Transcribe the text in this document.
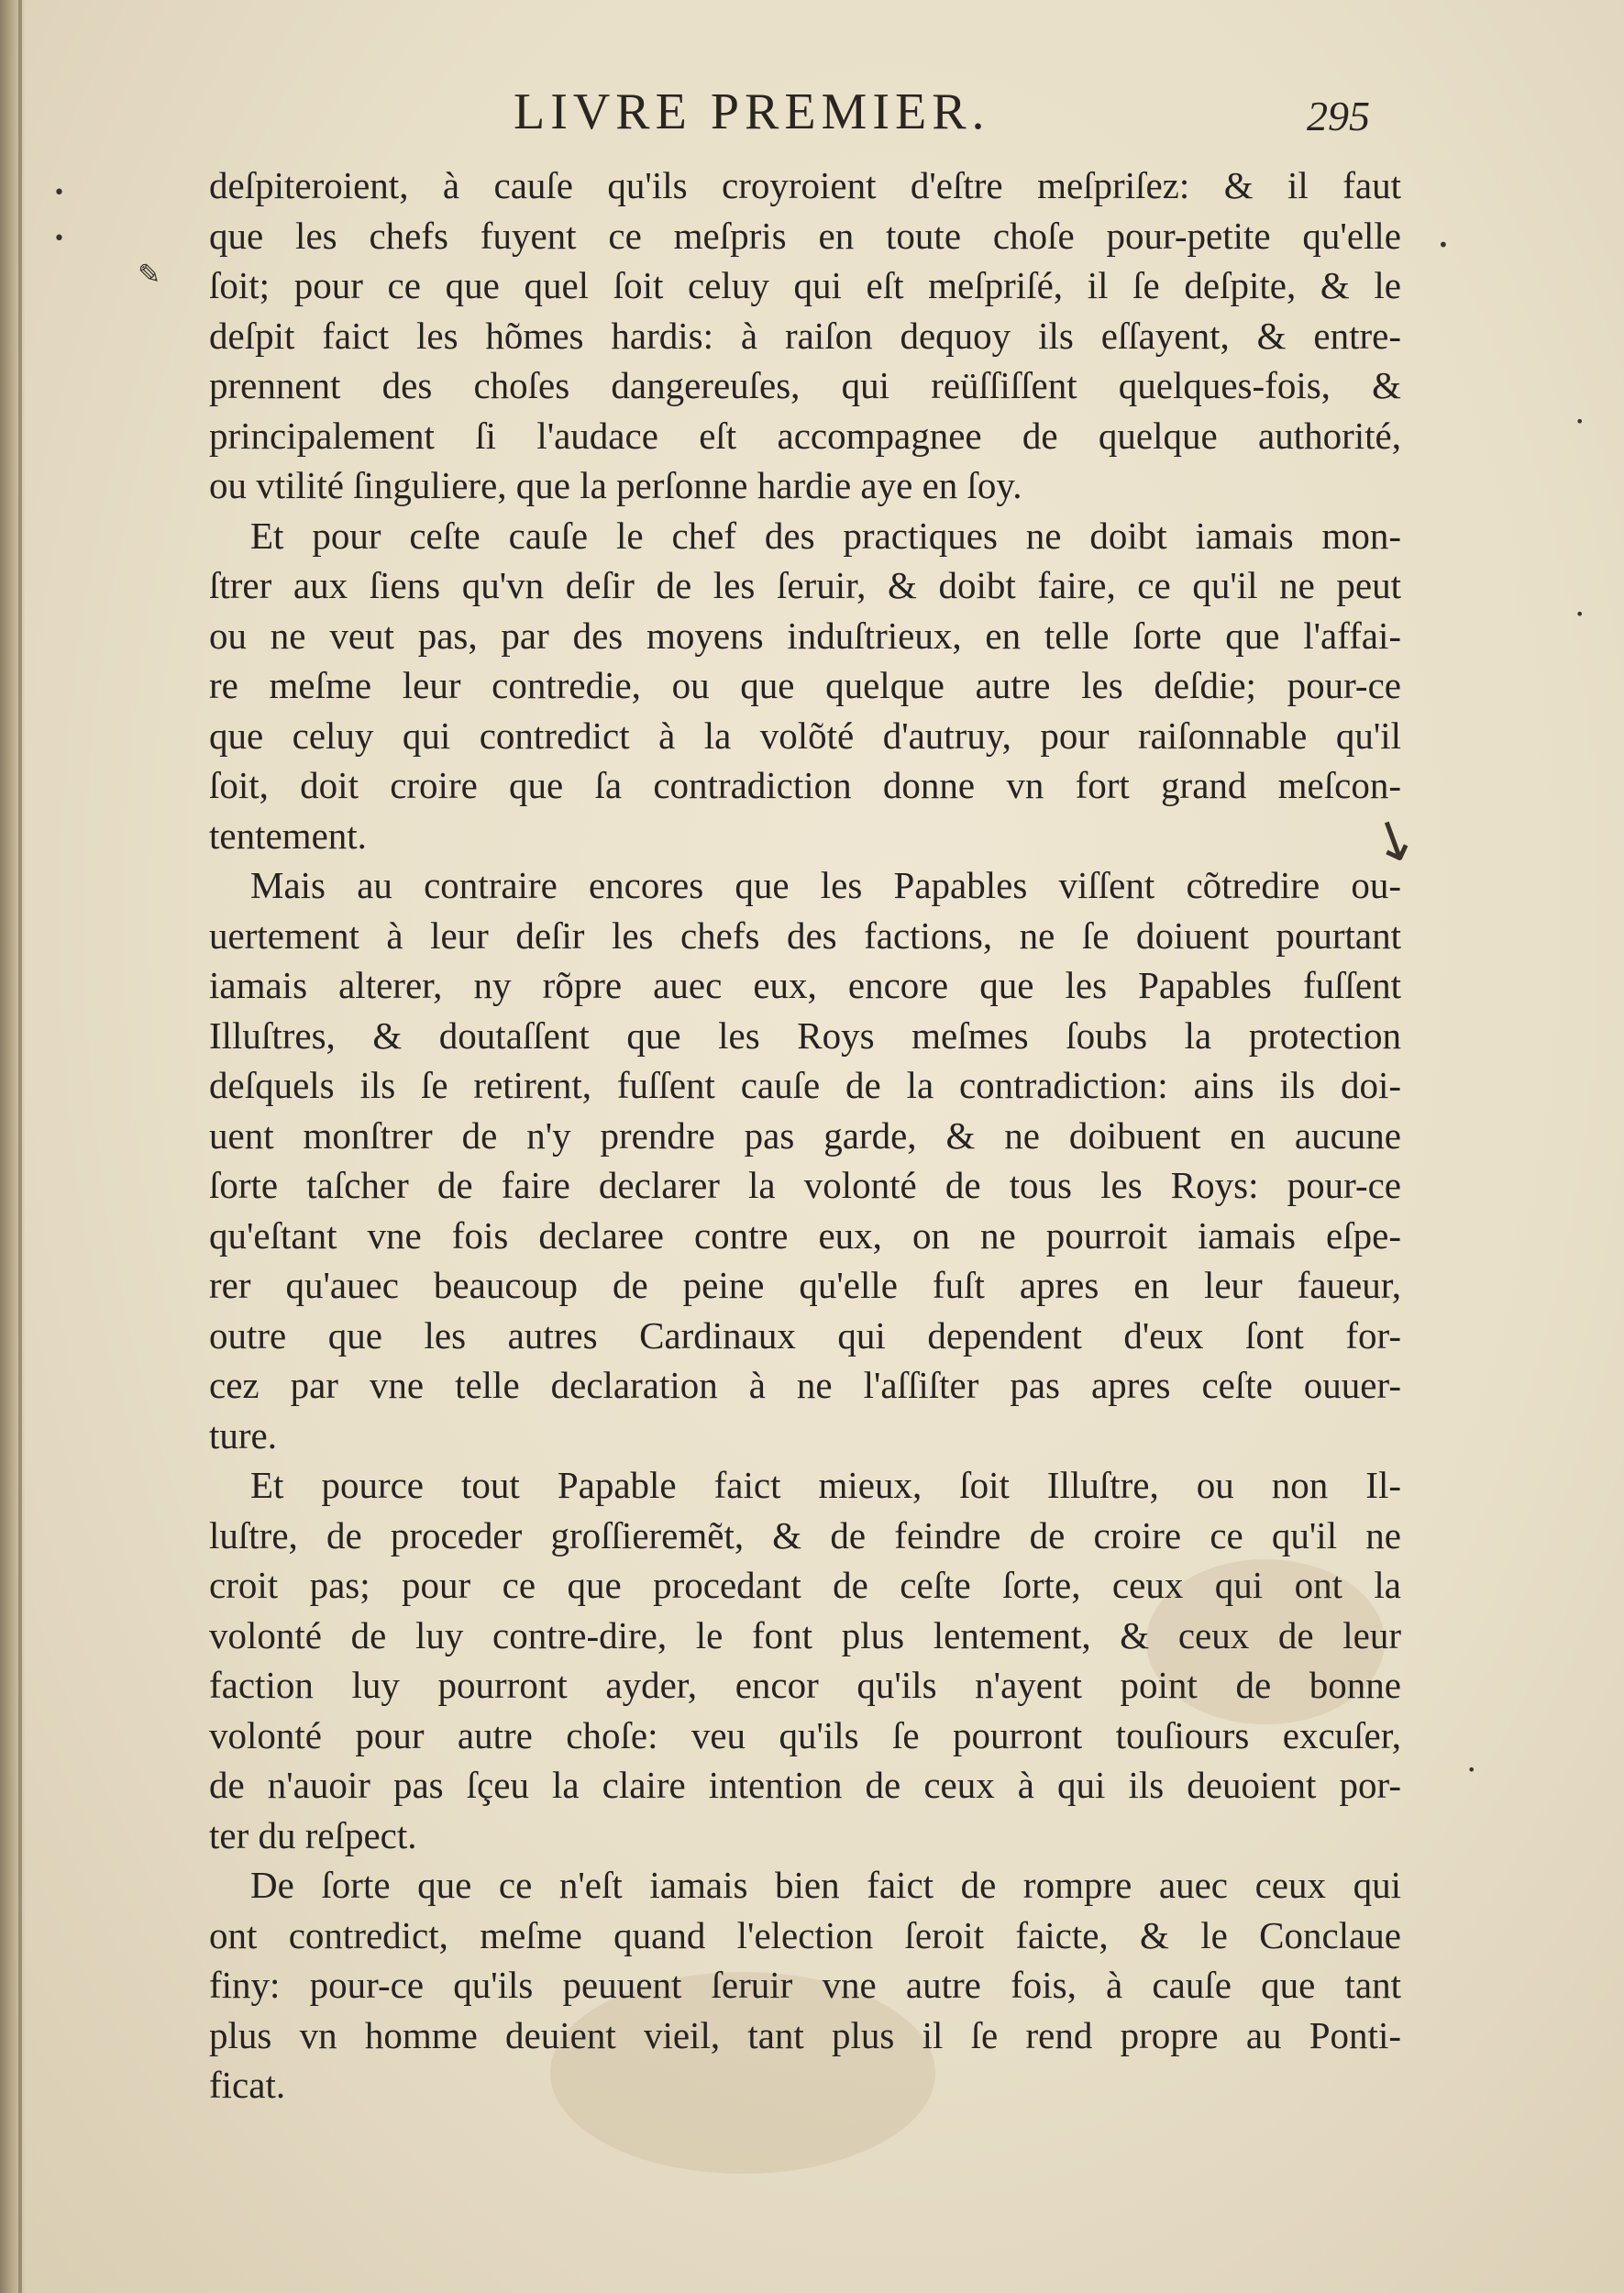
LIVRE PREMIER.	295
•
•
✎
•
•
•
↘
•
deſpiteroient, à cauſe qu'ils croyroient d'eſtre meſpriſez: & il faut
que les chefs fuyent ce meſpris en toute choſe pour-petite qu'elle
ſoit; pour ce que quel ſoit celuy qui eſt meſpriſé, il ſe deſpite, & le
deſpit faict les hõmes hardis: à raiſon dequoy ils eſſayent, & entre-
prennent des choſes dangereuſes, qui reüſſiſſent quelques-fois, &
principalement ſi l'audace eſt accompagnee de quelque authorité,
ou vtilité ſinguliere, que la perſonne hardie aye en ſoy.
Et pour ceſte cauſe le chef des practiques ne doibt iamais mon-
ſtrer aux ſiens qu'vn deſir de les ſeruir, & doibt faire, ce qu'il ne peut
ou ne veut pas, par des moyens induſtrieux, en telle ſorte que l'affai-
re meſme leur contredie, ou que quelque autre les deſdie; pour-ce
que celuy qui contredict à la volõté d'autruy, pour raiſonnable qu'il
ſoit, doit croire que ſa contradiction donne vn fort grand meſcon-
tentement.
Mais au contraire encores que les Papables viſſent cõtredire ou-
uertement à leur deſir les chefs des factions, ne ſe doiuent pourtant
iamais alterer, ny rõpre auec eux, encore que les Papables fuſſent
Illuſtres, & doutaſſent que les Roys meſmes ſoubs la protection
deſquels ils ſe retirent, fuſſent cauſe de la contradiction: ains ils doi-
uent monſtrer de n'y prendre pas garde, & ne doibuent en aucune
ſorte taſcher de faire declarer la volonté de tous les Roys: pour-ce
qu'eſtant vne fois declaree contre eux, on ne pourroit iamais eſpe-
rer qu'auec beaucoup de peine qu'elle fuſt apres en leur faueur,
outre que les autres Cardinaux qui dependent d'eux ſont for-
cez par vne telle declaration à ne l'aſſiſter pas apres ceſte ouuer-
ture.
Et pource tout Papable faict mieux, ſoit Illuſtre, ou non Il-
luſtre, de proceder groſſieremẽt, & de feindre de croire ce qu'il ne
croit pas; pour ce que procedant de ceſte ſorte, ceux qui ont la
volonté de luy contre-dire, le font plus lentement, & ceux de leur
faction luy pourront ayder, encor qu'ils n'ayent point de bonne
volonté pour autre choſe: veu qu'ils ſe pourront touſiours excuſer,
de n'auoir pas ſçeu la claire intention de ceux à qui ils deuoient por-
ter du reſpect.
De ſorte que ce n'eſt iamais bien faict de rompre auec ceux qui
ont contredict, meſme quand l'election ſeroit faicte, & le Conclaue
finy: pour-ce qu'ils peuuent ſeruir vne autre fois, à cauſe que tant
plus vn homme deuient vieil, tant plus il ſe rend propre au Ponti-
ficat.
